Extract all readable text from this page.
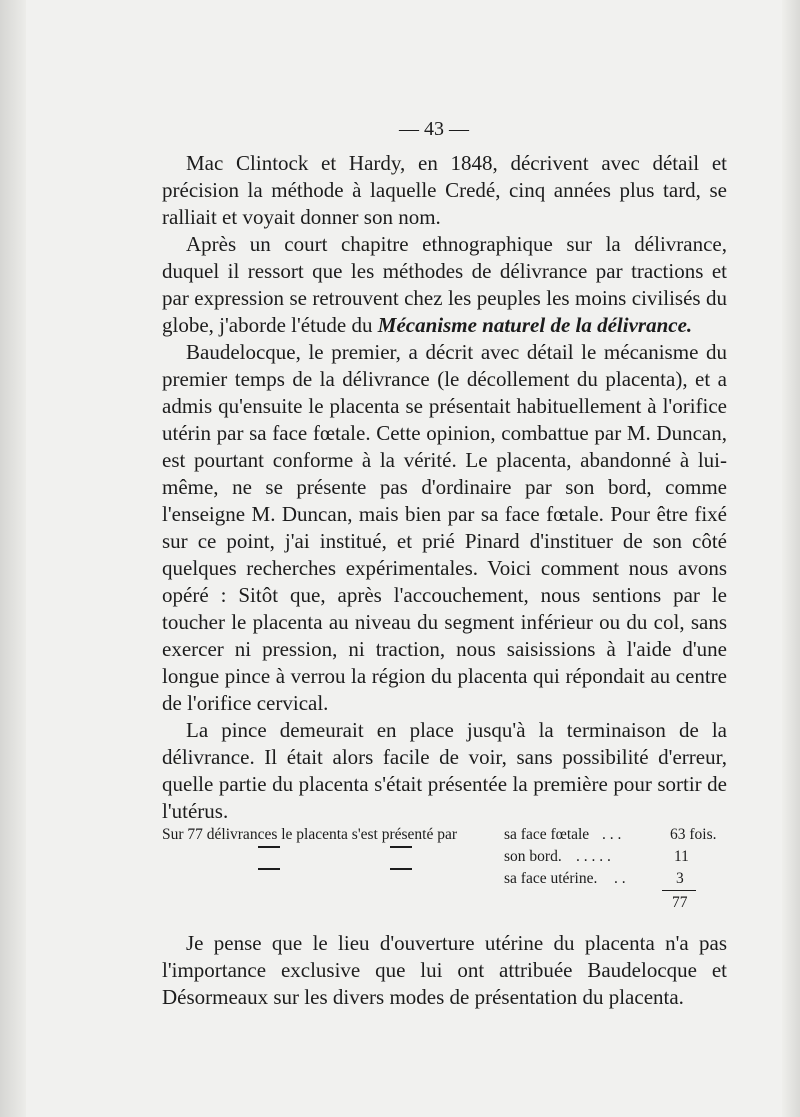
— 43 —

Mac Clintock et Hardy, en 1848, décrivent avec détail et précision la méthode à laquelle Credé, cinq années plus tard, se ralliait et voyait donner son nom.

Après un court chapitre ethnographique sur la délivrance, duquel il ressort que les méthodes de délivrance par tractions et par expression se retrouvent chez les peuples les moins civilisés du globe, j'aborde l'étude du Mécanisme naturel de la délivrance.

Baudelocque, le premier, a décrit avec détail le mécanisme du premier temps de la délivrance (le décollement du placenta), et a admis qu'ensuite le placenta se présentait habituellement à l'orifice utérin par sa face fœtale. Cette opinion, combattue par M. Duncan, est pourtant conforme à la vérité. Le placenta, abandonné à lui-même, ne se présente pas d'ordinaire par son bord, comme l'enseigne M. Duncan, mais bien par sa face fœtale. Pour être fixé sur ce point, j'ai institué, et prié Pinard d'instituer de son côté quelques recherches expérimentales. Voici comment nous avons opéré : Sitôt que, après l'accouchement, nous sentions par le toucher le placenta au niveau du segment inférieur ou du col, sans exercer ni pression, ni traction, nous saisissions à l'aide d'une longue pince à verrou la région du placenta qui répondait au centre de l'orifice cervical.

La pince demeurait en place jusqu'à la terminaison de la délivrance. Il était alors facile de voir, sans possibilité d'erreur, quelle partie du placenta s'était présentée la première pour sortir de l'utérus.

Sur 77 délivrances le placenta s'est présenté par	sa face fœtale . . .	63 fois.
son bord. . . . . .	11
sa face utérine. . .	3
77

Je pense que le lieu d'ouverture utérine du placenta n'a pas l'importance exclusive que lui ont attribuée Baudelocque et Désormeaux sur les divers modes de présentation du placenta.
